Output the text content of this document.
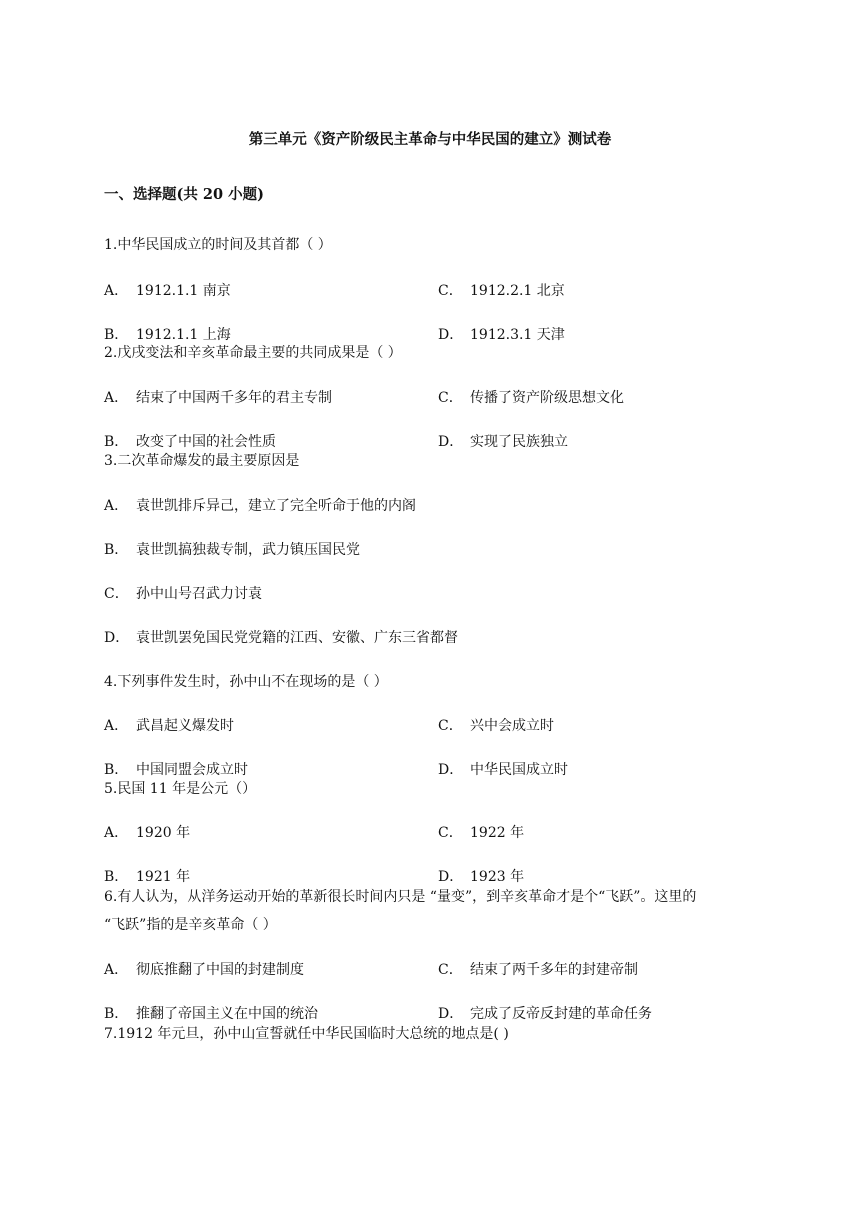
第三单元《资产阶级民主革命与中华民国的建立》测试卷
一、选择题(共 20 小题)
1.中华民国成立的时间及其首都（ ）
A． 1912.1.1 南京	C． 1912.2.1 北京
B． 1912.1.1 上海	D． 1912.3.1 天津
2.戊戌变法和辛亥革命最主要的共同成果是（ ）
A． 结束了中国两千多年的君主专制	C． 传播了资产阶级思想文化
B． 改变了中国的社会性质	D． 实现了民族独立
3.二次革命爆发的最主要原因是
A． 袁世凯排斥异己，建立了完全听命于他的内阁
B． 袁世凯搞独裁专制，武力镇压国民党
C． 孙中山号召武力讨袁
D． 袁世凯罢免国民党党籍的江西、安徽、广东三省都督
4.下列事件发生时，孙中山不在现场的是（ ）
A． 武昌起义爆发时	C． 兴中会成立时
B． 中国同盟会成立时	D． 中华民国成立时
5.民国 11 年是公元（）
A． 1920 年	C． 1922 年
B． 1921 年	D． 1923 年
6.有人认为，从洋务运动开始的革新很长时间内只是 “量变”，到辛亥革命才是个“飞跃”。这里的
“飞跃”指的是辛亥革命（ ）
A． 彻底推翻了中国的封建制度	C． 结束了两千多年的封建帝制
B． 推翻了帝国主义在中国的统治	D． 完成了反帝反封建的革命任务
7.1912 年元旦，孙中山宣誓就任中华民国临时大总统的地点是( )
